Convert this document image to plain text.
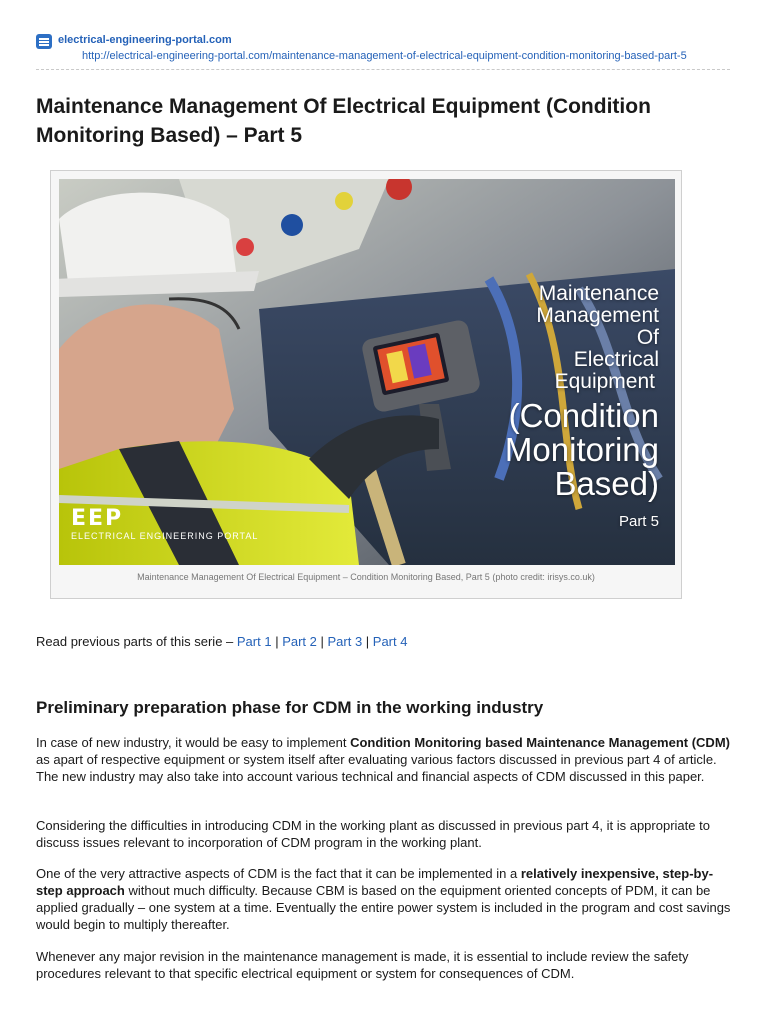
electrical-engineering-portal.com
http://electrical-engineering-portal.com/maintenance-management-of-electrical-equipment-condition-monitoring-based-part-5
Maintenance Management Of Electrical Equipment (Condition Monitoring Based) – Part 5
Maintenance
Management
Of
Electrical
Equipment
(Condition
Monitoring
Based)
Part 5
EEP
ELECTRICAL ENGINEERING PORTAL
Maintenance Management Of Electrical Equipment – Condition Monitoring Based, Part 5 (photo credit: irisys.co.uk)
Read previous parts of this serie – Part 1 | Part 2 | Part 3 | Part 4
Preliminary preparation phase for CDM in the working industry

In case of new industry, it would be easy to implement Condition Monitoring based Maintenance Management (CDM) as apart of respective equipment or system itself after evaluating various factors discussed in previous part 4 of article. The new industry may also take into account various technical and financial aspects of CDM discussed in this paper.

Considering the difficulties in introducing CDM in the working plant as discussed in previous part 4, it is appropriate to discuss issues relevant to incorporation of CDM program in the working plant.

One of the very attractive aspects of CDM is the fact that it can be implemented in a relatively inexpensive, step-by-step approach without much difficulty. Because CBM is based on the equipment oriented concepts of PDM, it can be applied gradually – one system at a time. Eventually the entire power system is included in the program and cost savings would begin to multiply thereafter.

Whenever any major revision in the maintenance management is made, it is essential to include review the safety procedures relevant to that specific electrical equipment or system for consequences of CDM.
